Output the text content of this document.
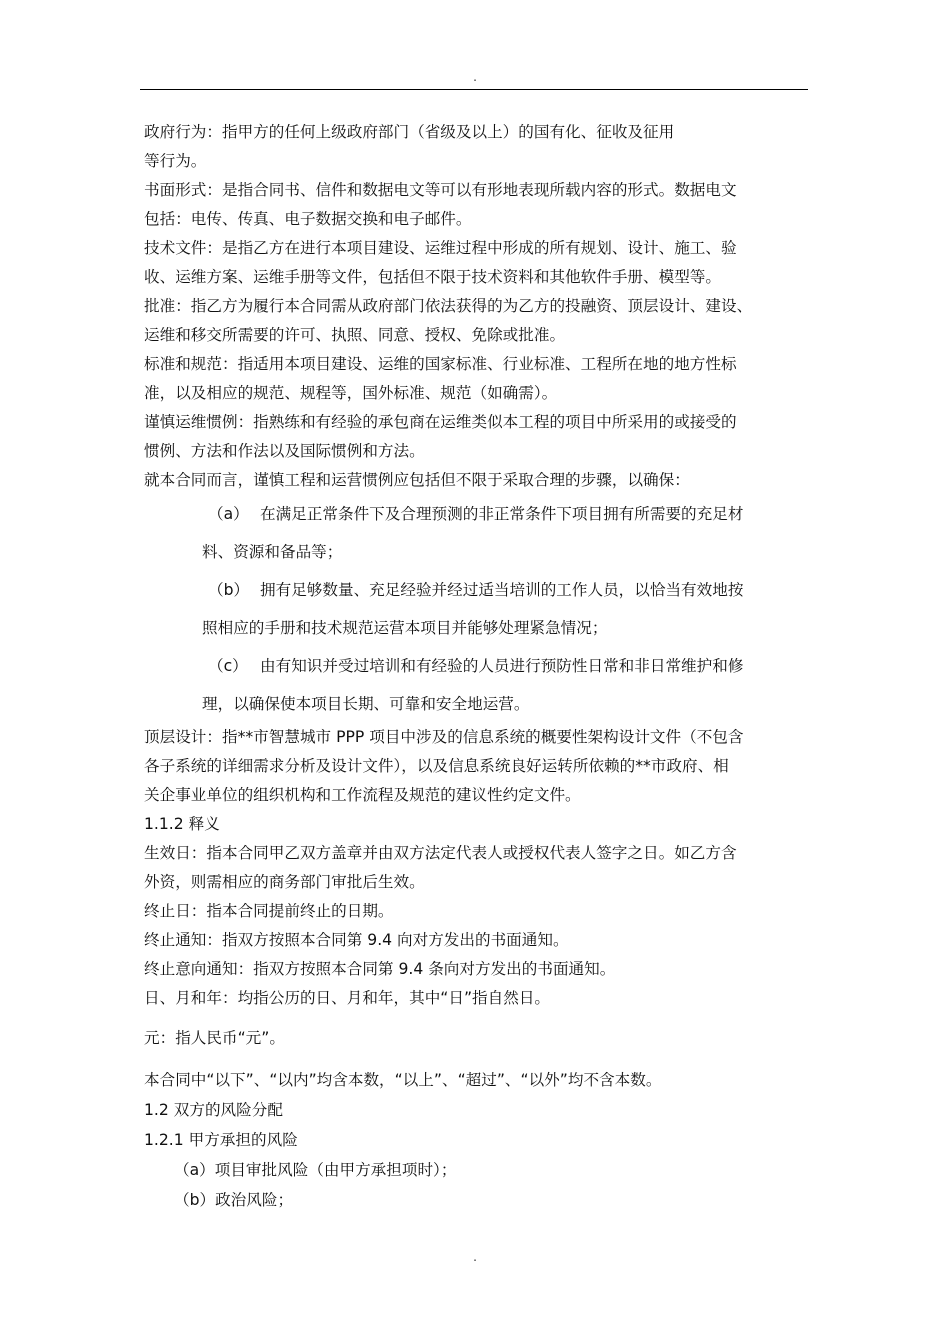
.

政府行为：指甲方的任何上级政府部门（省级及以上）的国有化、征收及征用

等行为。

书面形式：是指合同书、信件和数据电文等可以有形地表现所载内容的形式。数据电文

包括：电传、传真、电子数据交换和电子邮件。

技术文件：是指乙方在进行本项目建设、运维过程中形成的所有规划、设计、施工、验

收、运维方案、运维手册等文件，包括但不限于技术资料和其他软件手册、模型等。

批准：指乙方为履行本合同需从政府部门依法获得的为乙方的投融资、顶层设计、建设、

运维和移交所需要的许可、执照、同意、授权、免除或批准。

标准和规范：指适用本项目建设、运维的国家标准、行业标准、工程所在地的地方性标

准，以及相应的规范、规程等，国外标准、规范（如确需）。

谨慎运维惯例：指熟练和有经验的承包商在运维类似本工程的项目中所采用的或接受的

惯例、方法和作法以及国际惯例和方法。

就本合同而言，谨慎工程和运营惯例应包括但不限于采取合理的步骤，以确保：

（a） 在满足正常条件下及合理预测的非正常条件下项目拥有所需要的充足材

料、资源和备品等；

（b） 拥有足够数量、充足经验并经过适当培训的工作人员，以恰当有效地按

照相应的手册和技术规范运营本项目并能够处理紧急情况；

（c） 由有知识并受过培训和有经验的人员进行预防性日常和非日常维护和修

理，以确保使本项目长期、可靠和安全地运营。

顶层设计：指**市智慧城市 PPP 项目中涉及的信息系统的概要性架构设计文件（不包含

各子系统的详细需求分析及设计文件），以及信息系统良好运转所依赖的**市政府、相

关企事业单位的组织机构和工作流程及规范的建议性约定文件。

1.1.2 释义

生效日：指本合同甲乙双方盖章并由双方法定代表人或授权代表人签字之日。如乙方含

外资，则需相应的商务部门审批后生效。

终止日：指本合同提前终止的日期。

终止通知：指双方按照本合同第 9.4 向对方发出的书面通知。

终止意向通知：指双方按照本合同第 9.4 条向对方发出的书面通知。

日、月和年：均指公历的日、月和年，其中“日”指自然日。

元：指人民币“元”。

本合同中“以下”、“以内”均含本数，“以上”、“超过”、“以外”均不含本数。

1.2 双方的风险分配

1.2.1 甲方承担的风险

（a）项目审批风险（由甲方承担项时）；

（b）政治风险；

.
